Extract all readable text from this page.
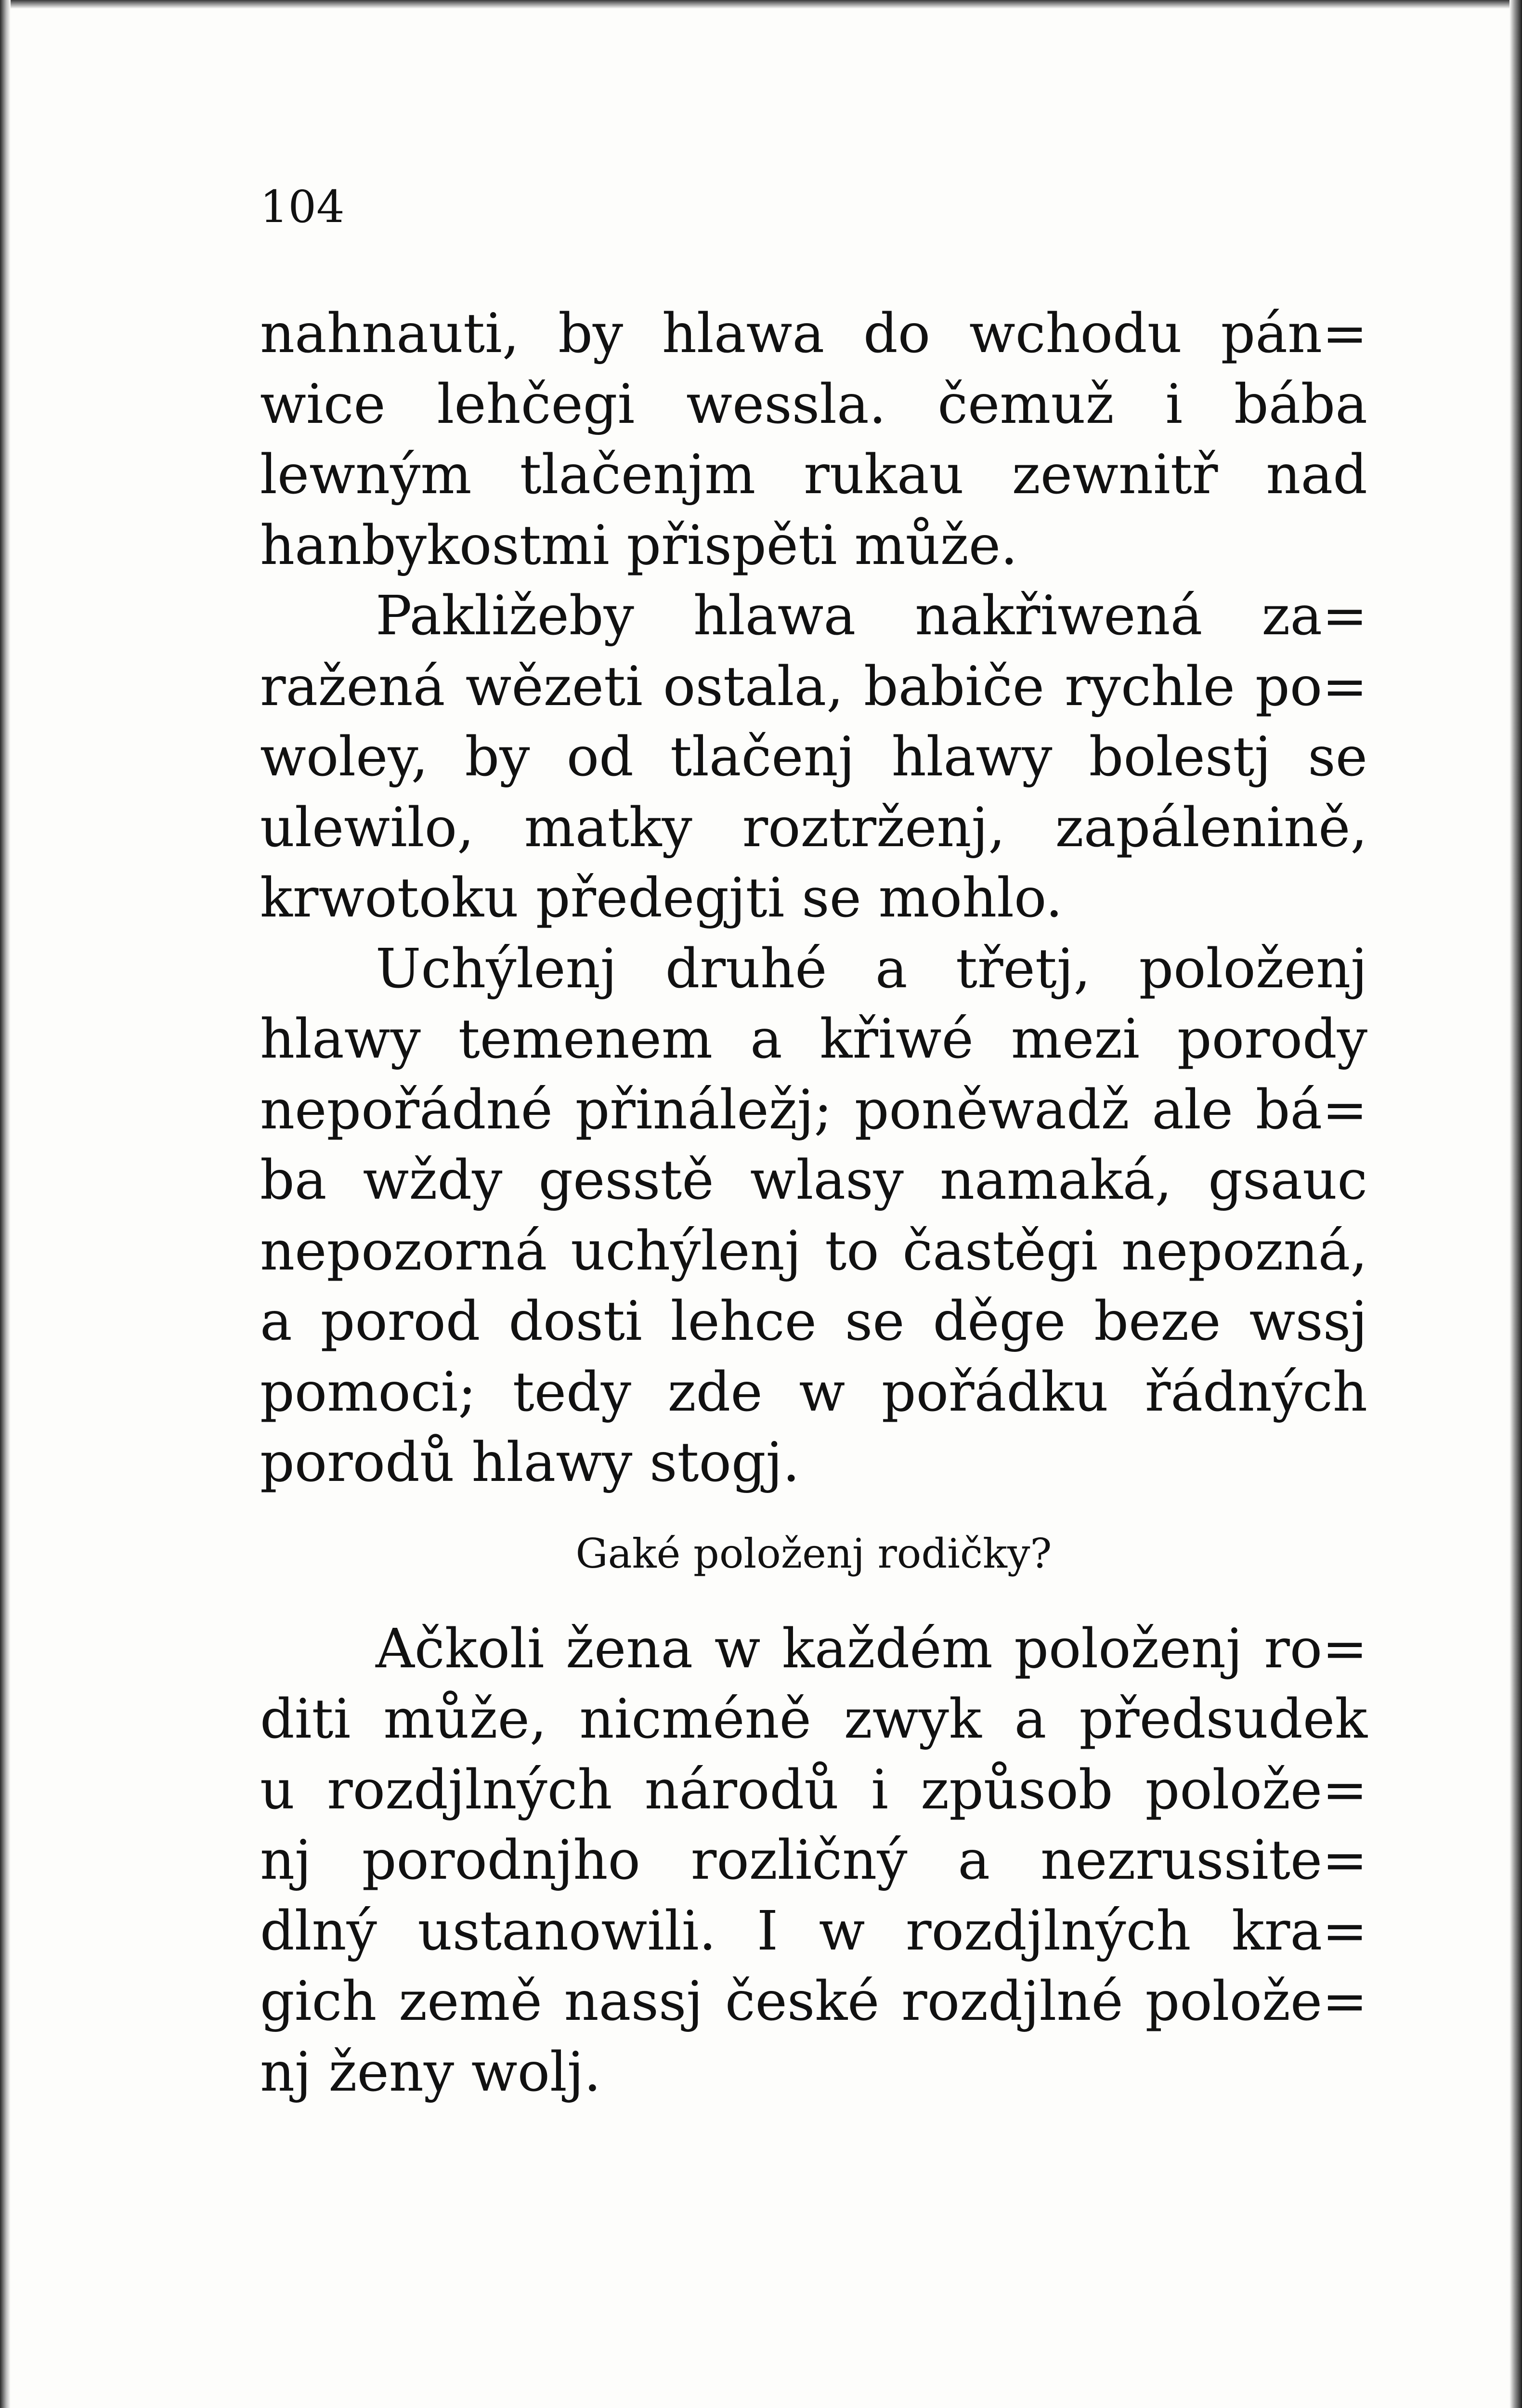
104
nahnauti, by hlawa do wchodu pán=
wice lehčegi wessla. čemuž i bába
lewným tlačenjm rukau zewnitř nad
hanbykostmi přispěti může.
Pakližeby hlawa nakřiwená za=
ražená wězeti ostala, babiče rychle po=
woley, by od tlačenj hlawy bolestj se
ulewilo, matky roztrženj, zapálenině,
krwotoku předegjti se mohlo.
Uchýlenj druhé a třetj, položenj
hlawy temenem a křiwé mezi porody
nepořádné přináležj; poněwadž ale bá=
ba wždy gesstě wlasy namaká, gsauc
nepozorná uchýlenj to častěgi nepozná,
a porod dosti lehce se děge beze wssj
pomoci; tedy zde w pořádku řádných
porodů hlawy stogj.
Gaké položenj rodičky?
Ačkoli žena w každém položenj ro=
diti může, nicméně zwyk a předsudek
u rozdjlných národů i způsob polože=
nj porodnjho rozličný a nezrussite=
dlný ustanowili. I w rozdjlných kra=
gich země nassj české rozdjlné polože=
nj ženy wolj.
